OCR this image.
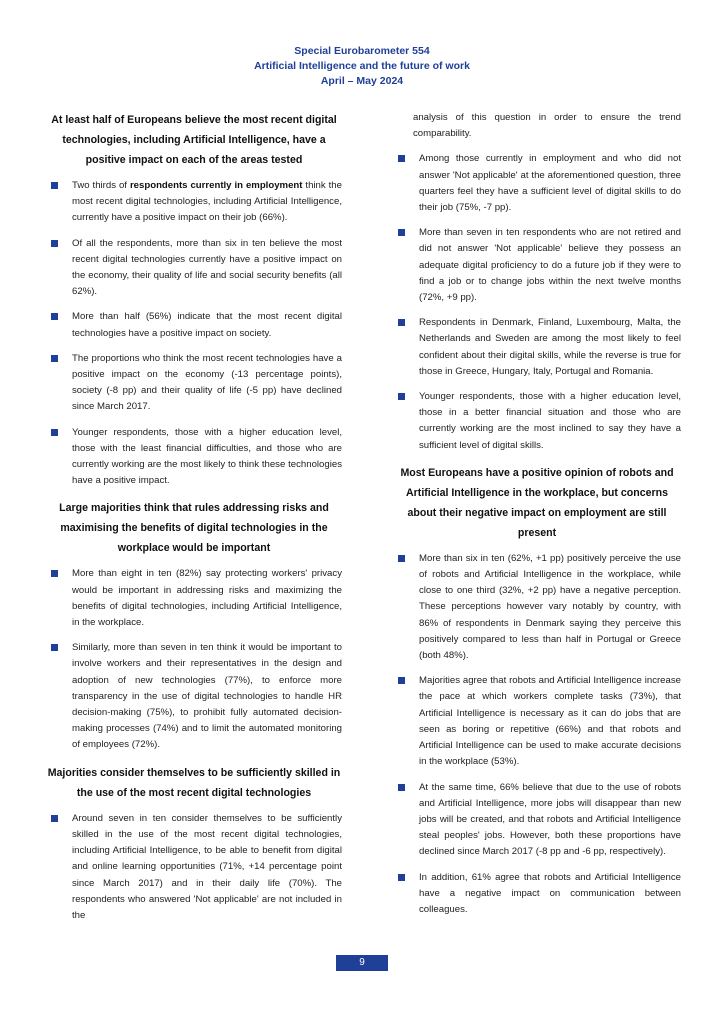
Special Eurobarometer 554
Artificial Intelligence and the future of work
April – May 2024
At least half of Europeans believe the most recent digital technologies, including Artificial Intelligence, have a positive impact on each of the areas tested
Two thirds of respondents currently in employment think the most recent digital technologies, including Artificial Intelligence, currently have a positive impact on their job (66%).
Of all the respondents, more than six in ten believe the most recent digital technologies currently have a positive impact on the economy, their quality of life and social security benefits (all 62%).
More than half (56%) indicate that the most recent digital technologies have a positive impact on society.
The proportions who think the most recent technologies have a positive impact on the economy (-13 percentage points), society (-8 pp) and their quality of life (-5 pp) have declined since March 2017.
Younger respondents, those with a higher education level, those with the least financial difficulties, and those who are currently working are the most likely to think these technologies have a positive impact.
Large majorities think that rules addressing risks and maximising the benefits of digital technologies in the workplace would be important
More than eight in ten (82%) say protecting workers' privacy would be important in addressing risks and maximizing the benefits of digital technologies, including Artificial Intelligence, in the workplace.
Similarly, more than seven in ten think it would be important to involve workers and their representatives in the design and adoption of new technologies (77%), to enforce more transparency in the use of digital technologies to handle HR decision-making (75%), to prohibit fully automated decision-making processes (74%) and to limit the automated monitoring of employees (72%).
Majorities consider themselves to be sufficiently skilled in the use of the most recent digital technologies
Around seven in ten consider themselves to be sufficiently skilled in the use of the most recent digital technologies, including Artificial Intelligence, to be able to benefit from digital and online learning opportunities (71%, +14 percentage point since March 2017) and in their daily life (70%). The respondents who answered 'Not applicable' are not included in the
analysis of this question in order to ensure the trend comparability.
Among those currently in employment and who did not answer 'Not applicable' at the aforementioned question, three quarters feel they have a sufficient level of digital skills to do their job (75%, -7 pp).
More than seven in ten respondents who are not retired and did not answer 'Not applicable' believe they possess an adequate digital proficiency to do a future job if they were to find a job or to change jobs within the next twelve months (72%, +9 pp).
Respondents in Denmark, Finland, Luxembourg, Malta, the Netherlands and Sweden are among the most likely to feel confident about their digital skills, while the reverse is true for those in Greece, Hungary, Italy, Portugal and Romania.
Younger respondents, those with a higher education level, those in a better financial situation and those who are currently working are the most inclined to say they have a sufficient level of digital skills.
Most Europeans have a positive opinion of robots and Artificial Intelligence in the workplace, but concerns about their negative impact on employment are still present
More than six in ten (62%, +1 pp) positively perceive the use of robots and Artificial Intelligence in the workplace, while close to one third (32%, +2 pp) have a negative perception. These perceptions however vary notably by country, with 86% of respondents in Denmark saying they perceive this positively compared to less than half in Portugal or Greece (both 48%).
Majorities agree that robots and Artificial Intelligence increase the pace at which workers complete tasks (73%), that Artificial Intelligence is necessary as it can do jobs that are seen as boring or repetitive (66%) and that robots and Artificial Intelligence can be used to make accurate decisions in the workplace (53%).
At the same time, 66% believe that due to the use of robots and Artificial Intelligence, more jobs will disappear than new jobs will be created, and that robots and Artificial Intelligence steal peoples' jobs. However, both these proportions have declined since March 2017 (-8 pp and -6 pp, respectively).
In addition, 61% agree that robots and Artificial Intelligence have a negative impact on communication between colleagues.
9
